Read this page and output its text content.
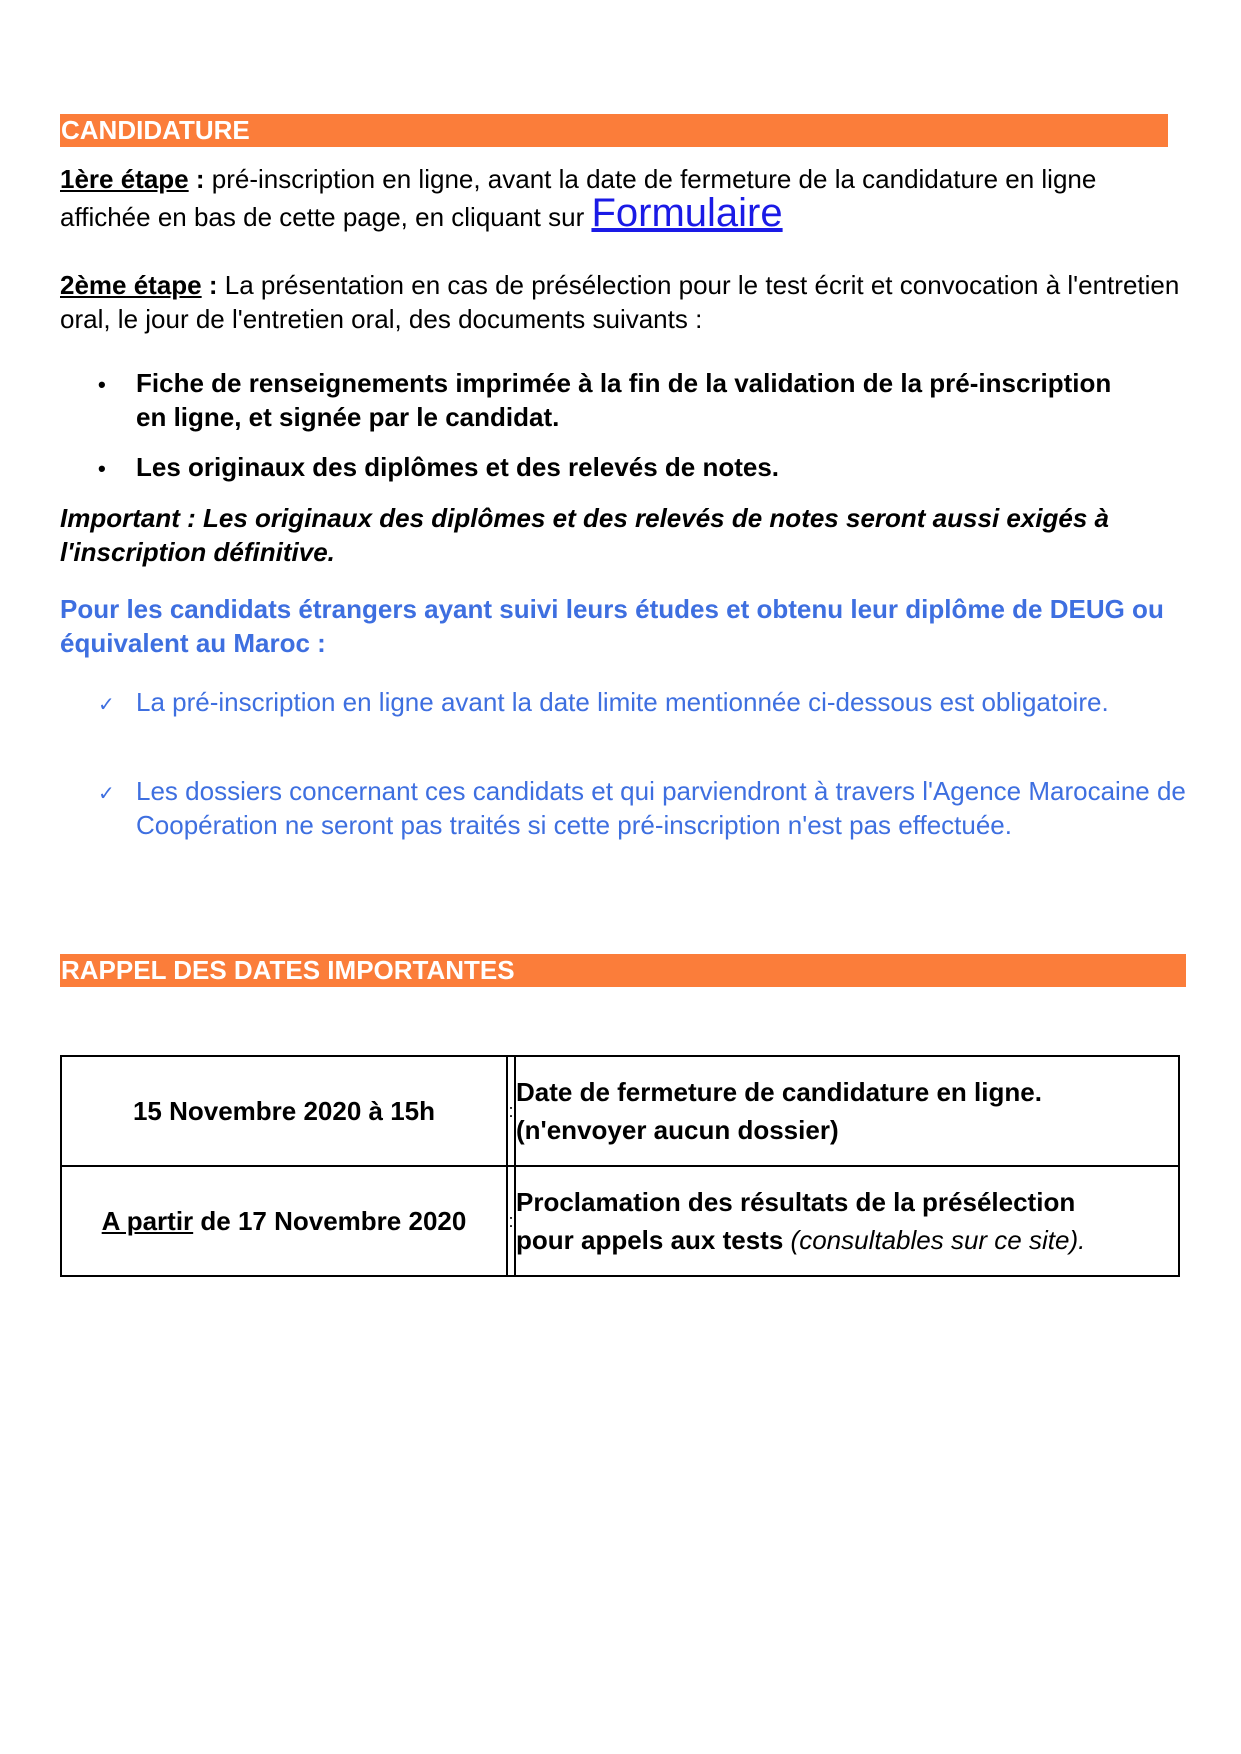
CANDIDATURE
1ère étape : pré-inscription en ligne, avant la date de fermeture de la candidature en ligne affichée en bas de cette page, en cliquant sur Formulaire
2ème étape : La présentation en cas de présélection pour le test écrit et convocation à l'entretien oral, le jour de l'entretien oral, des documents suivants :
• Fiche de renseignements imprimée à la fin de la validation de la pré-inscription en ligne, et signée par le candidat.
• Les originaux des diplômes et des relevés de notes.
Important : Les originaux des diplômes et des relevés de notes seront aussi exigés à l'inscription définitive.
Pour les candidats étrangers ayant suivi leurs études et obtenu leur diplôme de DEUG ou équivalent au Maroc :
✓ La pré-inscription en ligne avant la date limite mentionnée ci-dessous est obligatoire.
✓ Les dossiers concernant ces candidats et qui parviendront à travers l'Agence Marocaine de Coopération ne seront pas traités si cette pré-inscription n'est pas effectuée.
RAPPEL DES DATES IMPORTANTES
15 Novembre 2020 à 15h	:	Date de fermeture de candidature en ligne.
(n'envoyer aucun dossier)

A partir de 17 Novembre 2020	:	Proclamation des résultats de la présélection
pour appels aux tests (consultables sur ce site).
